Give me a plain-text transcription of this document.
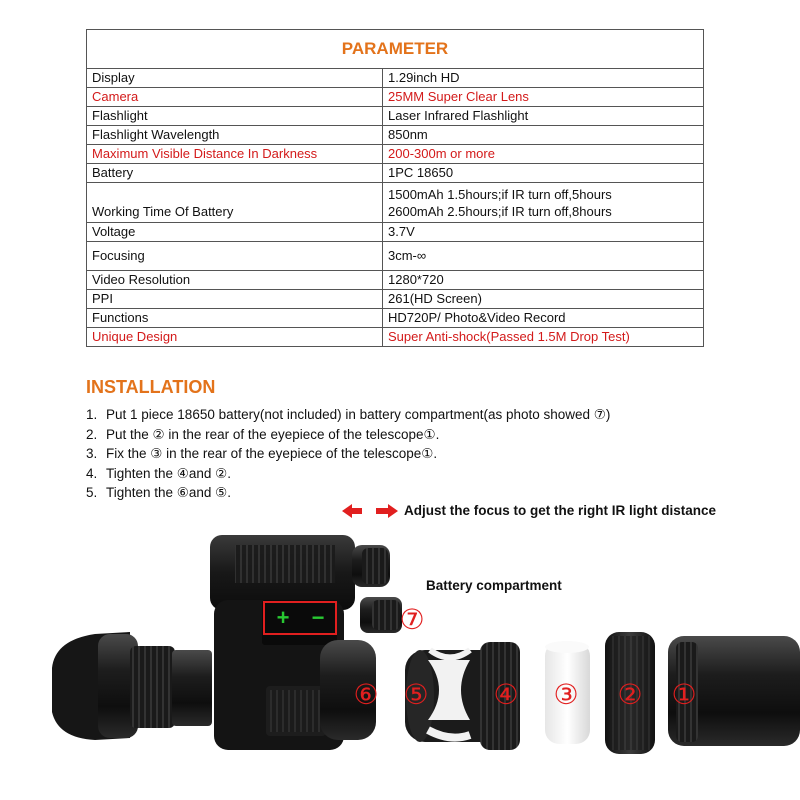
PARAMETER	
Display	1.29inch HD
Camera	25MM Super Clear Lens
Flashlight	Laser Infrared Flashlight
Flashlight Wavelength	850nm
Maximum Visible Distance In Darkness	200-300m or more
Battery	1PC 18650
Working Time Of Battery	1500mAh 1.5hours;if IR turn off,5hours
2600mAh 2.5hours;if IR turn off,8hours

Voltage	3.7V
Focusing	3cm-∞
Video Resolution	1280*720
PPI	261(HD Screen)
Functions	HD720P/ Photo&Video Record
Unique Design	Super Anti-shock(Passed 1.5M Drop Test)
INSTALLATION
1. Put 1 piece 18650 battery(not included) in battery compartment(as photo showed ⑦)
2. Put the ② in the rear of the eyepiece of the telescope①.
3. Fix the ③ in the rear of the eyepiece of the telescope①.
4. Tighten the ④and ②.
5. Tighten the ⑥and ⑤.
+ −	⑦
⑥ ⑤ ④ ③ ② ①
Adjust the focus to get the right IR light distance
Battery compartment
